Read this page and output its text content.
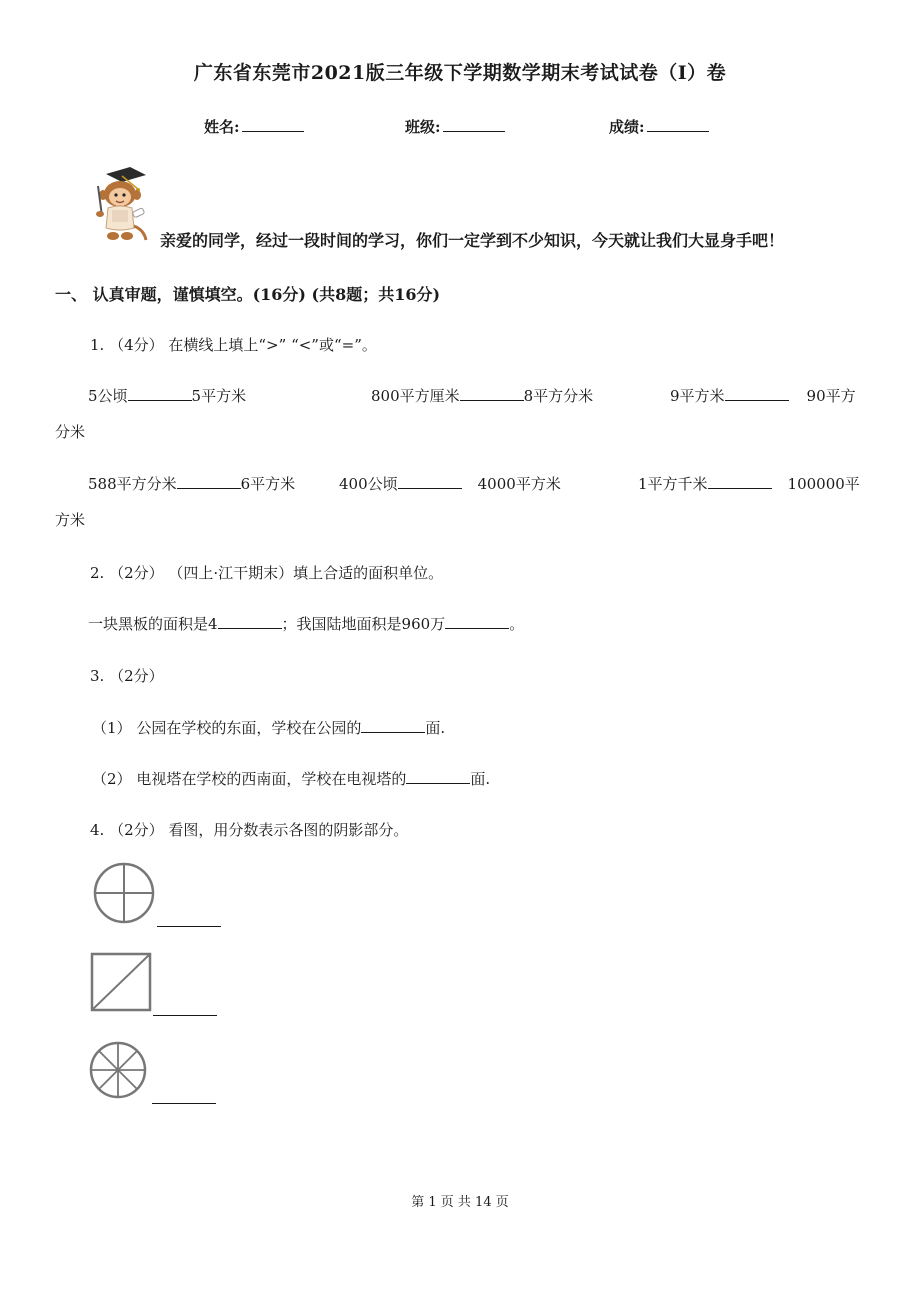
广东省东莞市2021版三年级下学期数学期末考试试卷（I）卷
姓名:	班级:	成绩:
亲爱的同学，经过一段时间的学习，你们一定学到不少知识，今天就让我们大显身手吧！
一、 认真审题，谨慎填空。(16分) (共8题；共16分)
1. （4分） 在横线上填上“>” “<”或“=”。
5公顷	5平方米	800平方厘米	8平方分米	9平方米	90平方
分米
588平方分米	6平方米	400公顷	4000平方米	1平方千米	100000平
方米
2. （2分） （四上·江干期末）填上合适的面积单位。
一块黑板的面积是4	；我国陆地面积是960万	。
3. （2分）
（1） 公园在学校的东面，学校在公园的	面.
（2） 电视塔在学校的西南面，学校在电视塔的	面.
4. （2分） 看图，用分数表示各图的阴影部分。
第 1 页 共 14 页
